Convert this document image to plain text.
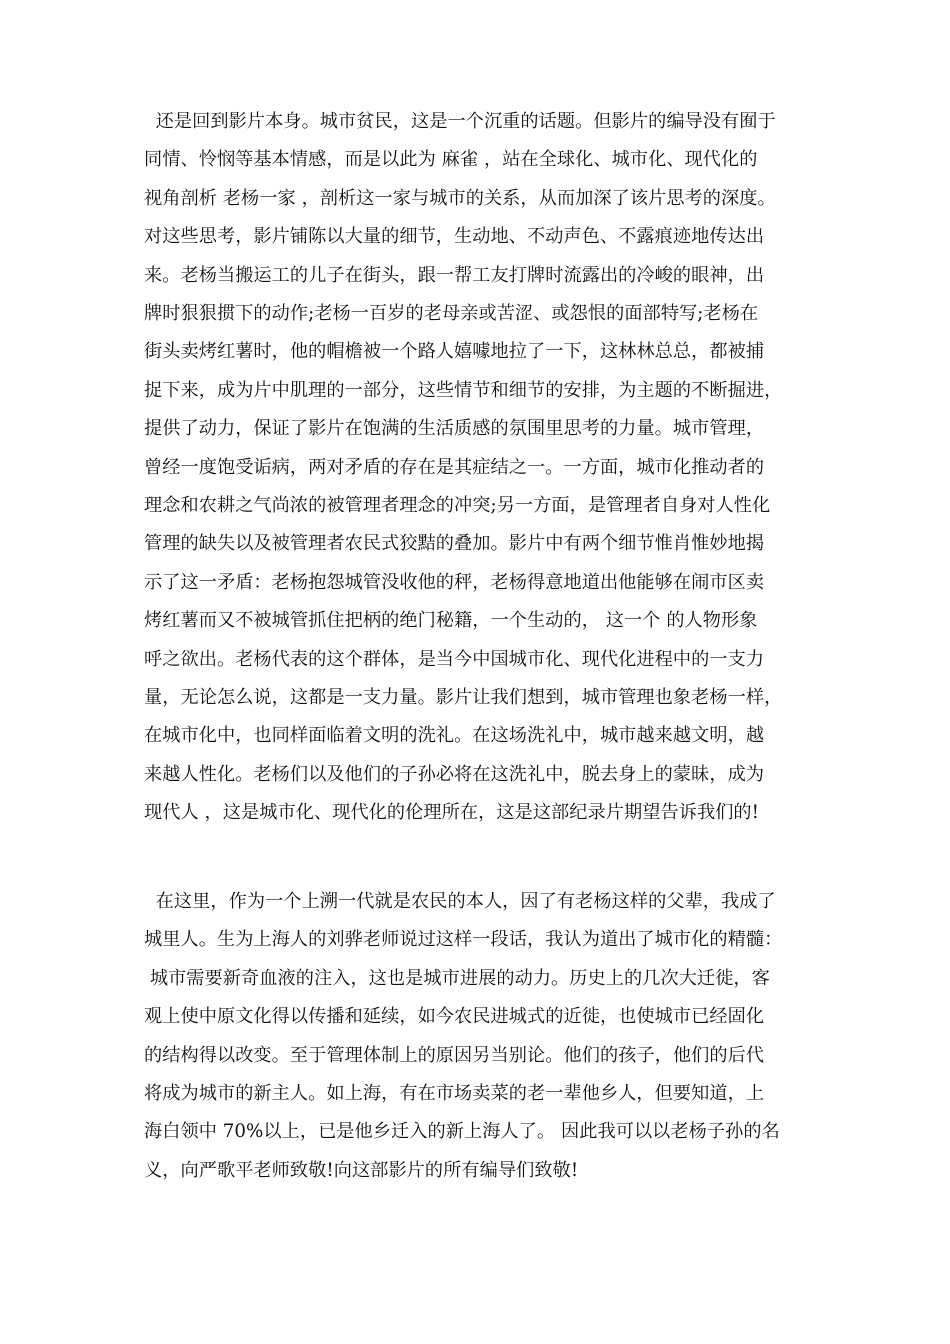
还是回到影片本身。城市贫民，这是一个沉重的话题。但影片的编导没有囿于
同情、怜悯等基本情感，而是以此为 麻雀 ，站在全球化、城市化、现代化的
视角剖析 老杨一家 ，剖析这一家与城市的关系，从而加深了该片思考的深度。
对这些思考，影片铺陈以大量的细节，生动地、不动声色、不露痕迹地传达出
来。老杨当搬运工的儿子在街头，跟一帮工友打牌时流露出的冷峻的眼神，出
牌时狠狠掼下的动作;老杨一百岁的老母亲或苦涩、或怨恨的面部特写;老杨在
街头卖烤红薯时，他的帽檐被一个路人嬉噱地拉了一下，这林林总总，都被捕
捉下来，成为片中肌理的一部分，这些情节和细节的安排，为主题的不断掘进，
提供了动力，保证了影片在饱满的生活质感的氛围里思考的力量。城市管理，
曾经一度饱受诟病，两对矛盾的存在是其症结之一。一方面，城市化推动者的
理念和农耕之气尚浓的被管理者理念的冲突;另一方面，是管理者自身对人性化
管理的缺失以及被管理者农民式狡黠的叠加。影片中有两个细节惟肖惟妙地揭
示了这一矛盾：老杨抱怨城管没收他的秤，老杨得意地道出他能够在闹市区卖
烤红薯而又不被城管抓住把柄的绝门秘籍，一个生动的， 这一个 的人物形象
呼之欲出。老杨代表的这个群体，是当今中国城市化、现代化进程中的一支力
量，无论怎么说，这都是一支力量。影片让我们想到，城市管理也象老杨一样，
在城市化中，也同样面临着文明的洗礼。在这场洗礼中，城市越来越文明，越
来越人性化。老杨们以及他们的子孙必将在这洗礼中，脱去身上的蒙昧，成为
现代人 ，这是城市化、现代化的伦理所在，这是这部纪录片期望告诉我们的!
在这里，作为一个上溯一代就是农民的本人，因了有老杨这样的父辈，我成了
城里人。生为上海人的刘骅老师说过这样一段话，我认为道出了城市化的精髓：
城市需要新奇血液的注入，这也是城市进展的动力。历史上的几次大迁徙，客
观上使中原文化得以传播和延续，如今农民进城式的近徙，也使城市已经固化
的结构得以改变。至于管理体制上的原因另当别论。他们的孩子，他们的后代
将成为城市的新主人。如上海，有在市场卖菜的老一辈他乡人，但要知道，上
海白领中 70%以上，已是他乡迁入的新上海人了。 因此我可以以老杨子孙的名
义，向严歌平老师致敬!向这部影片的所有编导们致敬!
